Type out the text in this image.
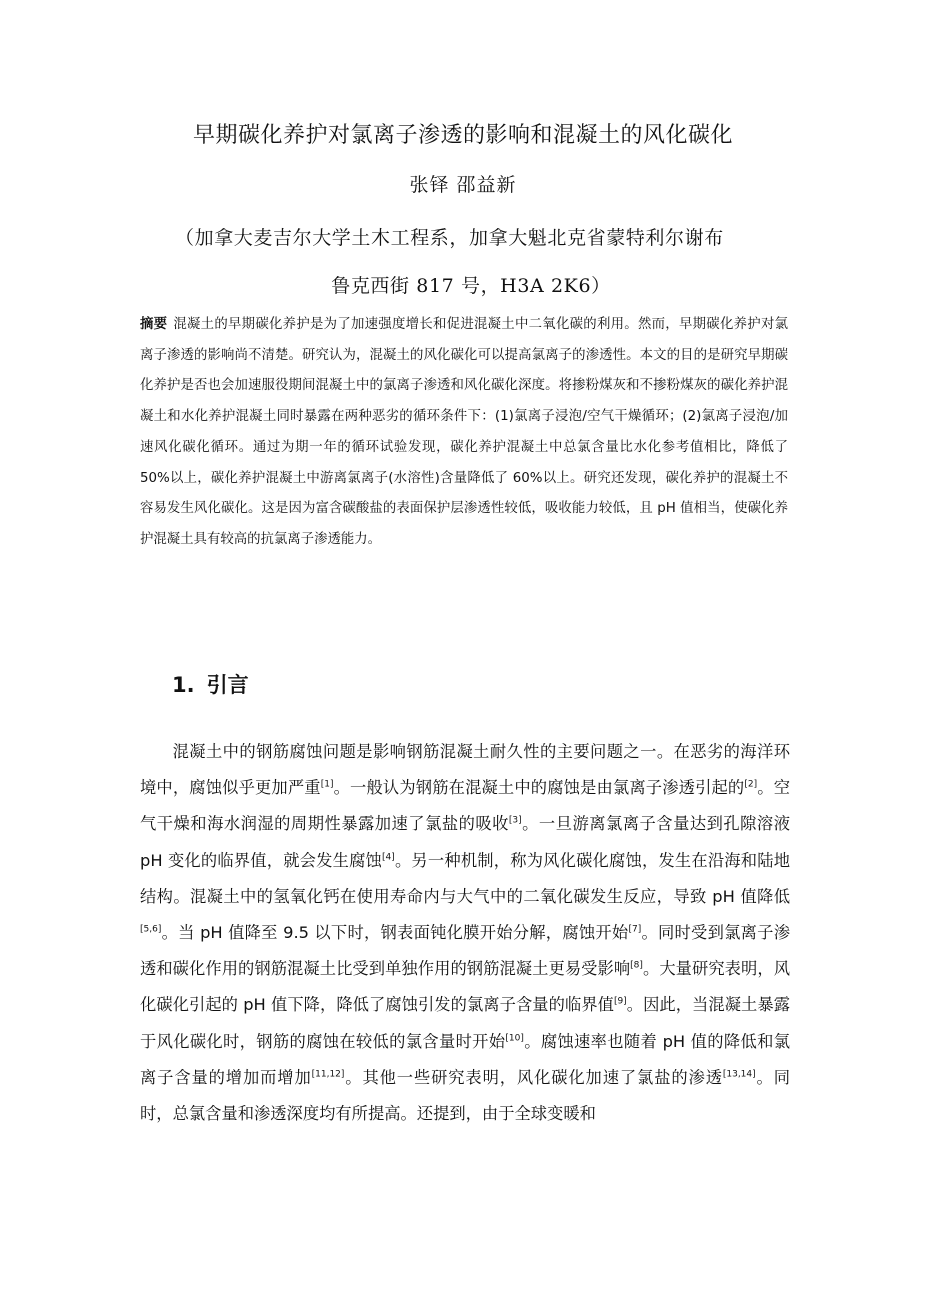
早期碳化养护对氯离子渗透的影响和混凝土的风化碳化
张铎 邵益新
（加拿大麦吉尔大学土木工程系，加拿大魁北克省蒙特利尔谢布
鲁克西街 817 号，H3A 2K6）
摘要 混凝土的早期碳化养护是为了加速强度增长和促进混凝土中二氧化碳的利用。然而，早期碳化养护对氯离子渗透的影响尚不清楚。研究认为，混凝土的风化碳化可以提高氯离子的渗透性。本文的目的是研究早期碳化养护是否也会加速服役期间混凝土中的氯离子渗透和风化碳化深度。将掺粉煤灰和不掺粉煤灰的碳化养护混凝土和水化养护混凝土同时暴露在两种恶劣的循环条件下：(1)氯离子浸泡/空气干燥循环；(2)氯离子浸泡/加速风化碳化循环。通过为期一年的循环试验发现，碳化养护混凝土中总氯含量比水化参考值相比，降低了 50%以上，碳化养护混凝土中游离氯离子(水溶性)含量降低了 60%以上。研究还发现，碳化养护的混凝土不容易发生风化碳化。这是因为富含碳酸盐的表面保护层渗透性较低，吸收能力较低，且 pH 值相当，使碳化养护混凝土具有较高的抗氯离子渗透能力。
1. 引言
混凝土中的钢筋腐蚀问题是影响钢筋混凝土耐久性的主要问题之一。在恶劣的海洋环境中，腐蚀似乎更加严重[1]。一般认为钢筋在混凝土中的腐蚀是由氯离子渗透引起的[2]。空气干燥和海水润湿的周期性暴露加速了氯盐的吸收[3]。一旦游离氯离子含量达到孔隙溶液 pH 变化的临界值，就会发生腐蚀[4]。另一种机制，称为风化碳化腐蚀，发生在沿海和陆地结构。混凝土中的氢氧化钙在使用寿命内与大气中的二氧化碳发生反应，导致 pH 值降低[5,6]。当 pH 值降至 9.5 以下时，钢表面钝化膜开始分解，腐蚀开始[7]。同时受到氯离子渗透和碳化作用的钢筋混凝土比受到单独作用的钢筋混凝土更易受影响[8]。大量研究表明，风化碳化引起的 pH 值下降，降低了腐蚀引发的氯离子含量的临界值[9]。因此，当混凝土暴露于风化碳化时，钢筋的腐蚀在较低的氯含量时开始[10]。腐蚀速率也随着 pH 值的降低和氯离子含量的增加而增加[11,12]。其他一些研究表明，风化碳化加速了氯盐的渗透[13,14]。同时，总氯含量和渗透深度均有所提高。还提到，由于全球变暖和
